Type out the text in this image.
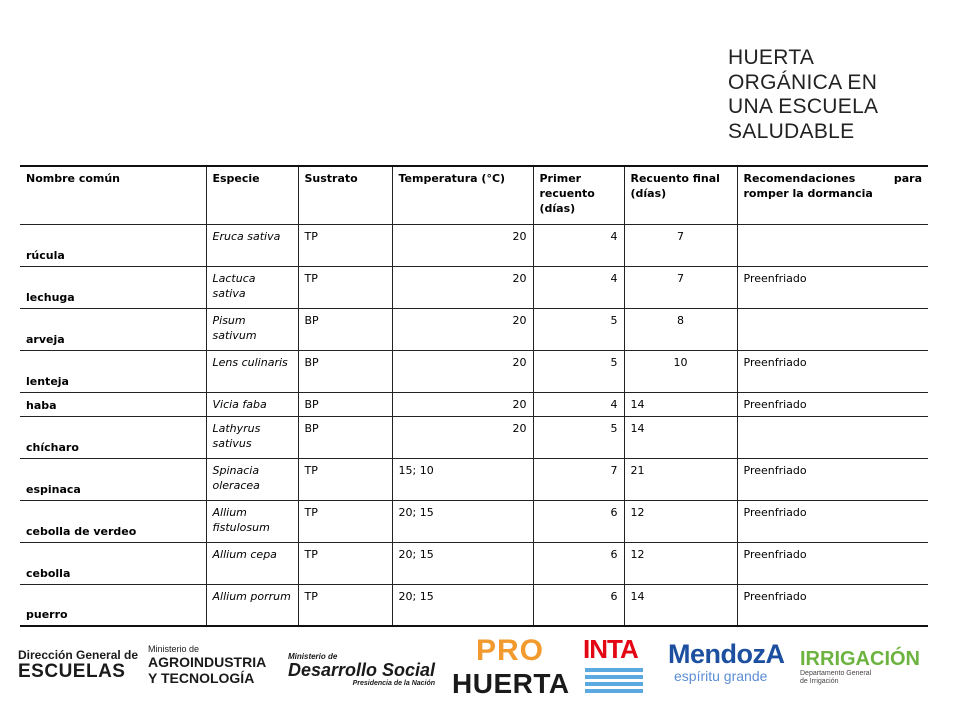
HUERTA
ORGÁNICA EN
UNA ESCUELA
SALUDABLE
Nombre común	Especie	Sustrato	Temperatura (°C)	Primer recuento (días)	Recuento final (días)	Recomendaciones para romper la dormancia
rúcula	Eruca sativa	TP	20	4	7	
lechuga	Lactuca sativa	TP	20	4	7	Preenfriado
arveja	Pisum sativum	BP	20	5	8	
lenteja	Lens culinaris	BP	20	5	10	Preenfriado
haba	Vicia faba	BP	20	4	14	Preenfriado
chícharo	Lathyrus sativus	BP	20	5	14	
espinaca	Spinacia oleracea	TP	15; 10	7	21	Preenfriado
cebolla de verdeo	Allium fistulosum	TP	20; 15	6	12	Preenfriado
cebolla	Allium cepa	TP	20; 15	6	12	Preenfriado
puerro	Allium porrum	TP	20; 15	6	14	Preenfriado
Dirección General de
ESCUELAS
Ministerio de
AGROINDUSTRIA
Y TECNOLOGÍA
Ministerio de
Desarrollo Social
Presidencia de la Nación
PRO
HUERTA
INTA MendozA
espíritu grande
IRRIGACIÓN
Departamento General
de Irrigación
